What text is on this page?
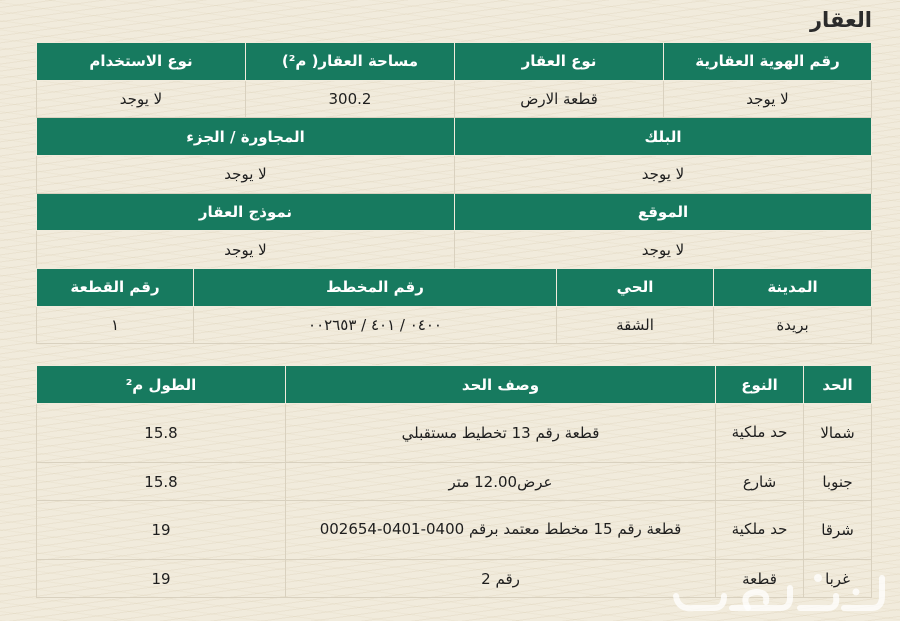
العقار
رقم الهوية العقارية	نوع العقار	مساحة العقار( م²)	نوع الاستخدام
لا يوجد	قطعة الارض	300.2	لا يوجد
البلك		المجاورة / الجزء	
لا يوجد		لا يوجد	
الموقع		نموذج العقار	
لا يوجد		لا يوجد	
المدينة	الحي	رقم المخطط	رقم القطعة
بريدة	الشقة	٠٤٠٠ / ٤٠١ / ٠٠٢٦٥٣	١
الحد	النوع	وصف الحد	الطول م²
شمالا	حد ملكية	قطعة رقم 13 تخطيط مستقبلي	15.8
جنوبا	شارع	عرض12.00 متر	15.8
شرقا	حد ملكية	قطعة رقم 15 مخطط معتمد برقم 0400-0401-002654	19
غربا	قطعة	رقم 2	19
